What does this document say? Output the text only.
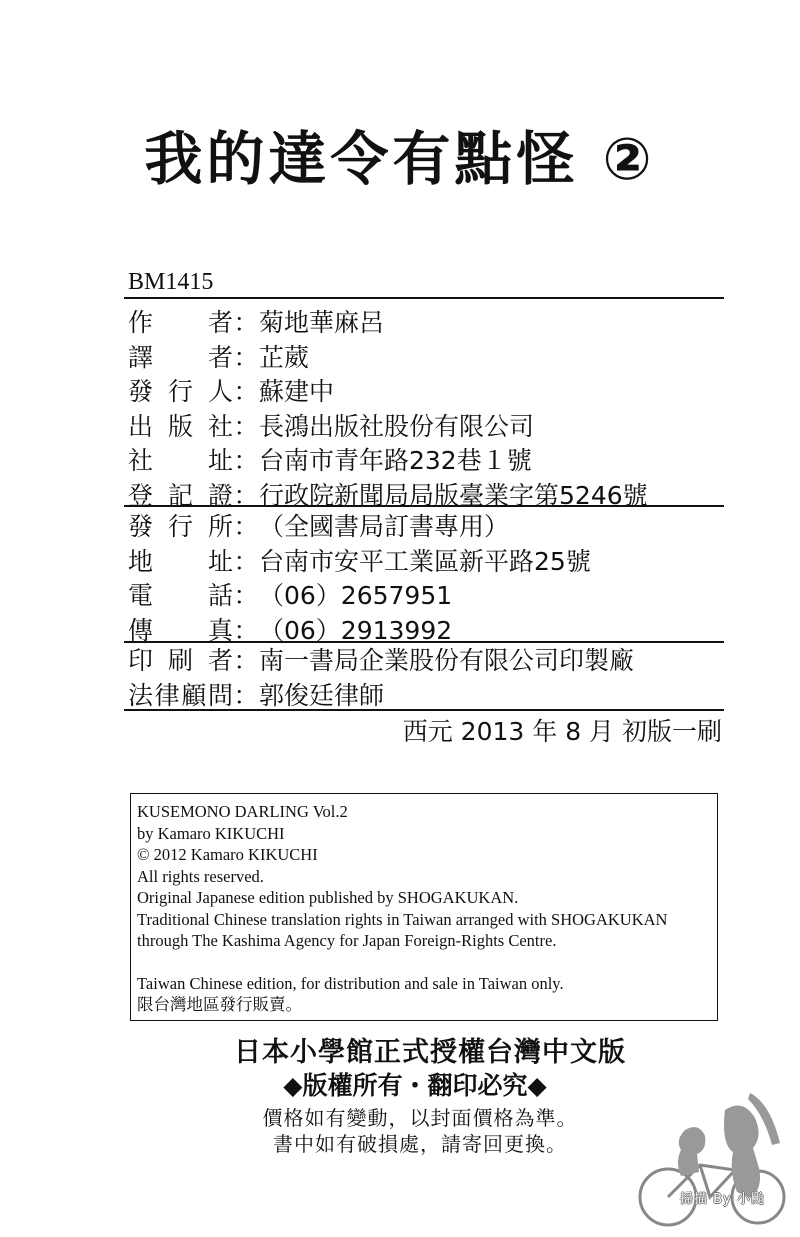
我的達令有點怪 ②
BM1415
作 者 ： 菊地華麻呂
譯 者 ： 芷葳
發 行 人 ： 蘇建中
出 版 社 ： 長鴻出版社股份有限公司
社 址 ： 台南市青年路232巷１號
登 記 證 ： 行政院新聞局局版臺業字第5246號
發 行 所 ： （全國書局訂書專用）
地 址 ： 台南市安平工業區新平路25號
電 話 ： （06）2657951
傳 真 ： （06）2913992
印 刷 者 ： 南一書局企業股份有限公司印製廠
法 律 顧 問 ： 郭俊廷律師
西元 2013 年 8 月 初版一刷
KUSEMONO DARLING Vol.2
by Kamaro KIKUCHI
© 2012 Kamaro KIKUCHI
All rights reserved.
Original Japanese edition published by SHOGAKUKAN.
Traditional Chinese translation rights in Taiwan arranged with SHOGAKUKAN
through The Kashima Agency for Japan Foreign-Rights Centre.
Taiwan Chinese edition, for distribution and sale in Taiwan only.
限台灣地區發行販賣。
日本小學館正式授權台灣中文版
◆版權所有・翻印必究◆
價格如有變動，以封面價格為準。
書中如有破損處，請寄回更換。
掃描 By 小颱
